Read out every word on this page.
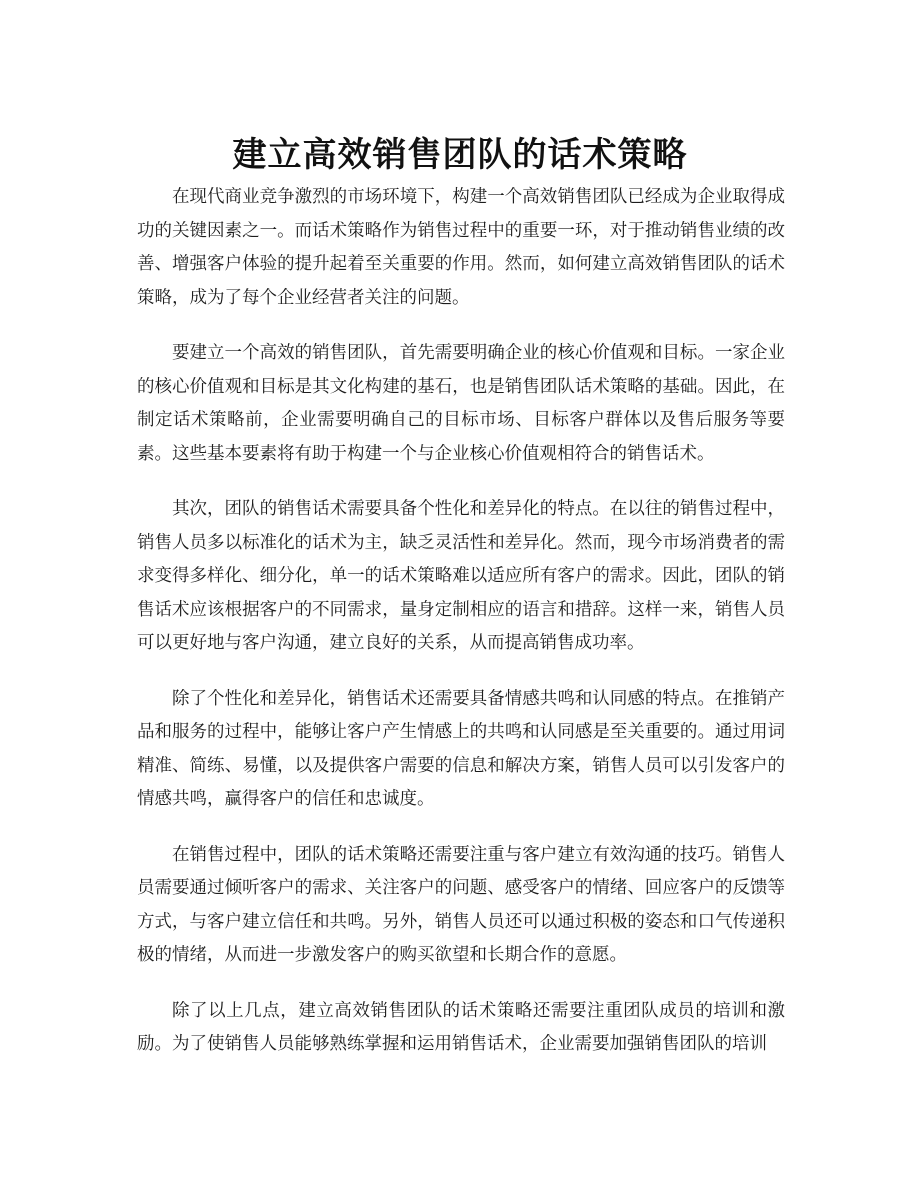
建立高效销售团队的话术策略

在现代商业竞争激烈的市场环境下，构建一个高效销售团队已经成为企业取得成功的关键因素之一。而话术策略作为销售过程中的重要一环，对于推动销售业绩的改善、增强客户体验的提升起着至关重要的作用。然而，如何建立高效销售团队的话术策略，成为了每个企业经营者关注的问题。

要建立一个高效的销售团队，首先需要明确企业的核心价值观和目标。一家企业的核心价值观和目标是其文化构建的基石，也是销售团队话术策略的基础。因此，在制定话术策略前，企业需要明确自己的目标市场、目标客户群体以及售后服务等要素。这些基本要素将有助于构建一个与企业核心价值观相符合的销售话术。

其次，团队的销售话术需要具备个性化和差异化的特点。在以往的销售过程中，销售人员多以标准化的话术为主，缺乏灵活性和差异化。然而，现今市场消费者的需求变得多样化、细分化，单一的话术策略难以适应所有客户的需求。因此，团队的销售话术应该根据客户的不同需求，量身定制相应的语言和措辞。这样一来，销售人员可以更好地与客户沟通，建立良好的关系，从而提高销售成功率。

除了个性化和差异化，销售话术还需要具备情感共鸣和认同感的特点。在推销产品和服务的过程中，能够让客户产生情感上的共鸣和认同感是至关重要的。通过用词精准、简练、易懂，以及提供客户需要的信息和解决方案，销售人员可以引发客户的情感共鸣，赢得客户的信任和忠诚度。

在销售过程中，团队的话术策略还需要注重与客户建立有效沟通的技巧。销售人员需要通过倾听客户的需求、关注客户的问题、感受客户的情绪、回应客户的反馈等方式，与客户建立信任和共鸣。另外，销售人员还可以通过积极的姿态和口气传递积极的情绪，从而进一步激发客户的购买欲望和长期合作的意愿。

除了以上几点，建立高效销售团队的话术策略还需要注重团队成员的培训和激励。为了使销售人员能够熟练掌握和运用销售话术，企业需要加强销售团队的培训
